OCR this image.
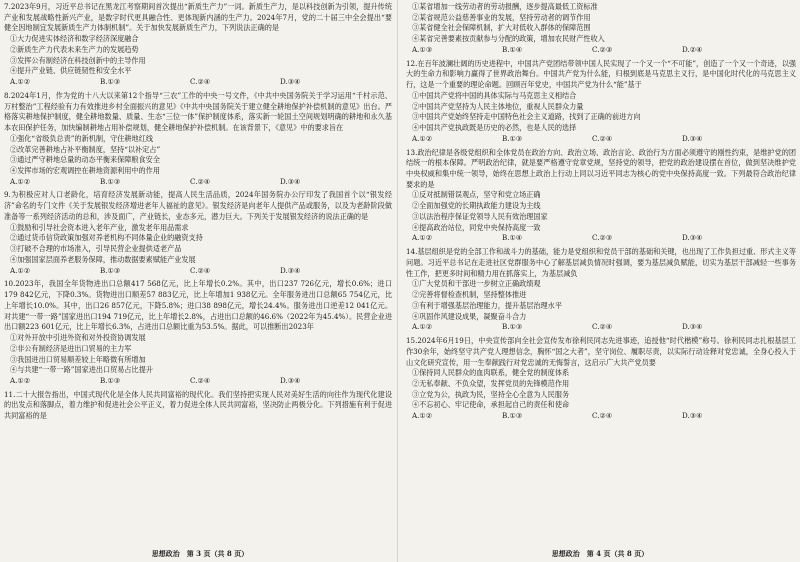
7.2023年9月，习近平总书记在黑龙江考察期间首次提出“新质生产力”一词。新质生产力，是以科技创新为引领，提升传统产业和发展战略性新兴产业，是数字时代更具融合性、更体现新内涵的生产力。2024年7月，党的二十届三中全会提出“要健全因地制宜发展新质生产力体制机制”。关于加快发展新质生产力，下列说法正确的是

①大力促进实体经济和数字经济深度融合

②新质生产力代表未来生产力的发展趋势

③发挥公有制经济在科技创新中的主导作用

④提升产业链、供应链韧性和安全水平

A.①②	B.①③	C.②④	D.③④

8.2024年1月，作为党的十八大以来第12个指导“三农”工作的中央一号文件，《中共中央国务院关于学习运用“千村示范、万村整治”工程经验有力有效推进乡村全面振兴的意见》《中共中央国务院关于建立健全耕地保护补偿机制的意见》出台。严格落实耕地保护制度，健全耕地数量、质量、生态“三位一体”保护制度体系，落实新一轮国土空间规划明确的耕地和永久基本农田保护任务，加快编制耕地占用补偿规划，健全耕地保护补偿机制。在该背景下，《意见》中的要求旨在

①强化“省级负总责”的新机制，守住耕地红线

②改革完善耕地占补平衡制度，坚持“以补定占”

③通过严守耕地总量的动态平衡来保障粮食安全

④发挥市场的宏观调控在耕地资源利用中的作用

A.①②	B.①③	C.②④	D.③④

9.为积极应对人口老龄化，培育经济发展新动能，提高人民生活品质，2024年国务院办公厅印发了我国首个以“银发经济”命名的专门文件《关于发展银发经济增进老年人福祉的意见》。银发经济是向老年人提供产品或服务，以及为老龄阶段做准备等一系列经济活动的总和，涉及面广，产业链长，业态多元，潜力巨大。下列关于发展银发经济的说法正确的是

①鼓励和引导社会资本进入老年产业，激发老年用品需求

②通过货币信贷政策加强对养老机构不同体量企业的融资支持

③打破不合理的市场准入，引导民营企业提供适老产品

④加强国家层面养老服务保障，推动数据要素赋能产业发展

A.①②	B.①③	C.②④	D.③④

10.2023年，我国全年货物进出口总额417 568亿元，比上年增长0.2%。其中，出口237 726亿元，增长0.6%；进口179 842亿元，下降0.3%。货物进出口顺差57 883亿元，比上年增加1 938亿元。全年服务进出口总额65 754亿元，比上年增长10.0%。其中，出口26 857亿元，下降5.8%；进口38 898亿元，增长24.4%。服务进出口逆差12 041亿元。对共建“一带一路”国家进出口194 719亿元，比上年增长2.8%，占进出口总额的46.6%（2022年为45.4%）。民营企业进出口额223 601亿元，比上年增长6.3%，占进出口总额比重为53.5%。据此，可以推断出2023年

①对外开放中引进外资和对外投资协调发展

②非公有制经济是进出口贸易的主力军

③我国进出口贸易顺差较上年略微有所增加

④与共建“一带一路”国家进出口贸易占比提升

A.①②	B.①③	C.②④	D.③④

11.二十大报告指出，中国式现代化是全体人民共同富裕的现代化。我们坚持把实现人民对美好生活的向往作为现代化建设的出发点和落脚点，着力维护和促进社会公平正义，着力促进全体人民共同富裕，坚决防止两极分化。下列措施有利于促进共同富裕的是

思想政治　第 3 页（共 8 页）

①某省增加一线劳动者的劳动报酬，逐步提高最低工资标准

②某省规范公益慈善事业的发展，坚持劳动者的调节作用

③某省健全社会保障机制，扩大对低收入群体的保障范围

④某省完善要素按贡献参与分配的政策，增加农民财产性收入

A.①③	B.①④	C.②③	D.②④

12.在百年波澜壮阔的历史进程中，中国共产党团结带领中国人民实现了一个又一个“不可能”，创造了一个又一个奇迹，以强大的生命力和影响力赢得了世界政治舞台。中国共产党为什么能，归根到底是马克思主义行，是中国化时代化的马克思主义行，这是一个重要的理论命题。回顾百年党史，中国共产党为什么“能”基于

①中国共产党将中国的具体实际与马克思主义相结合

②中国共产党坚持为人民主体地位，重视人民群众力量

③中国共产党始终坚持走中国特色社会主义道路，找到了正确的前进方向

④中国共产党执政既是历史的必然，也是人民的选择

A.①②	B.①③	C.②④	D.③④

13.政治纪律是各级党组织和全体党员在政治方向、政治立场、政治言论、政治行为方面必须遵守的刚性约束，是维护党的团结统一的根本保障。严明政治纪律，就是要严格遵守党章党规，坚持党的领导，把党的政治建设摆在首位，做到坚决维护党中央权威和集中统一领导，始终在思想上政治上行动上同以习近平同志为核心的党中央保持高度一致。下列最符合政治纪律要求的是

①反对抵制错误观点，坚守和党立场正确

②全面加强党的长期执政能力建设为主线

③以法治程序保证党领导人民有效治理国家

④提高政治站位，同党中央保持高度一致

A.①②	B.①④	C.②③	D.③④

14.基层组织是党的全部工作和战斗力的基础，能力是党组织和党员干部的基础和关键，也出现了工作负担过重、形式主义等问题。习近平总书记在走进社区党群服务中心了解基层减负情况时强调，要为基层减负赋能，切实为基层干部减轻一些事务性工作，把更多时间和精力用在抓落实上，为基层减负

①广大党员和干部进一步树立正确政绩观

②完善将督检查机制，坚持整体推进

③有利于增强基层治理能力，提升基层治理水平

④巩固作风建设成果，凝聚奋斗合力

A.①②	B.①③	C.②④	D.③④

15.2024年6月19日，中央宣传部向全社会宣传发布徐利民同志先进事迹，追授他“时代楷模”称号。徐利民同志扎根基层工作30余年，始终坚守共产党人理想信念，胸怀“国之大者”，坚守岗位、履职尽责，以实际行动诠释对党忠诚，全身心投入于山文化研究宣传，用一生奉献践行对党忠诚的无悔誓言，这启示广大共产党员要

①保持同人民群众的血肉联系，健全党的制度体系

②无私奉献、不负众望，发挥党员的先锋模范作用

③立党为公，执政为民，坚持全心全意为人民服务

④不忘初心、牢记使命，承担起自己的责任和使命

A.①②	B.①③	C.②④	D.③④
思想政治　第 4 页（共 8 页）
